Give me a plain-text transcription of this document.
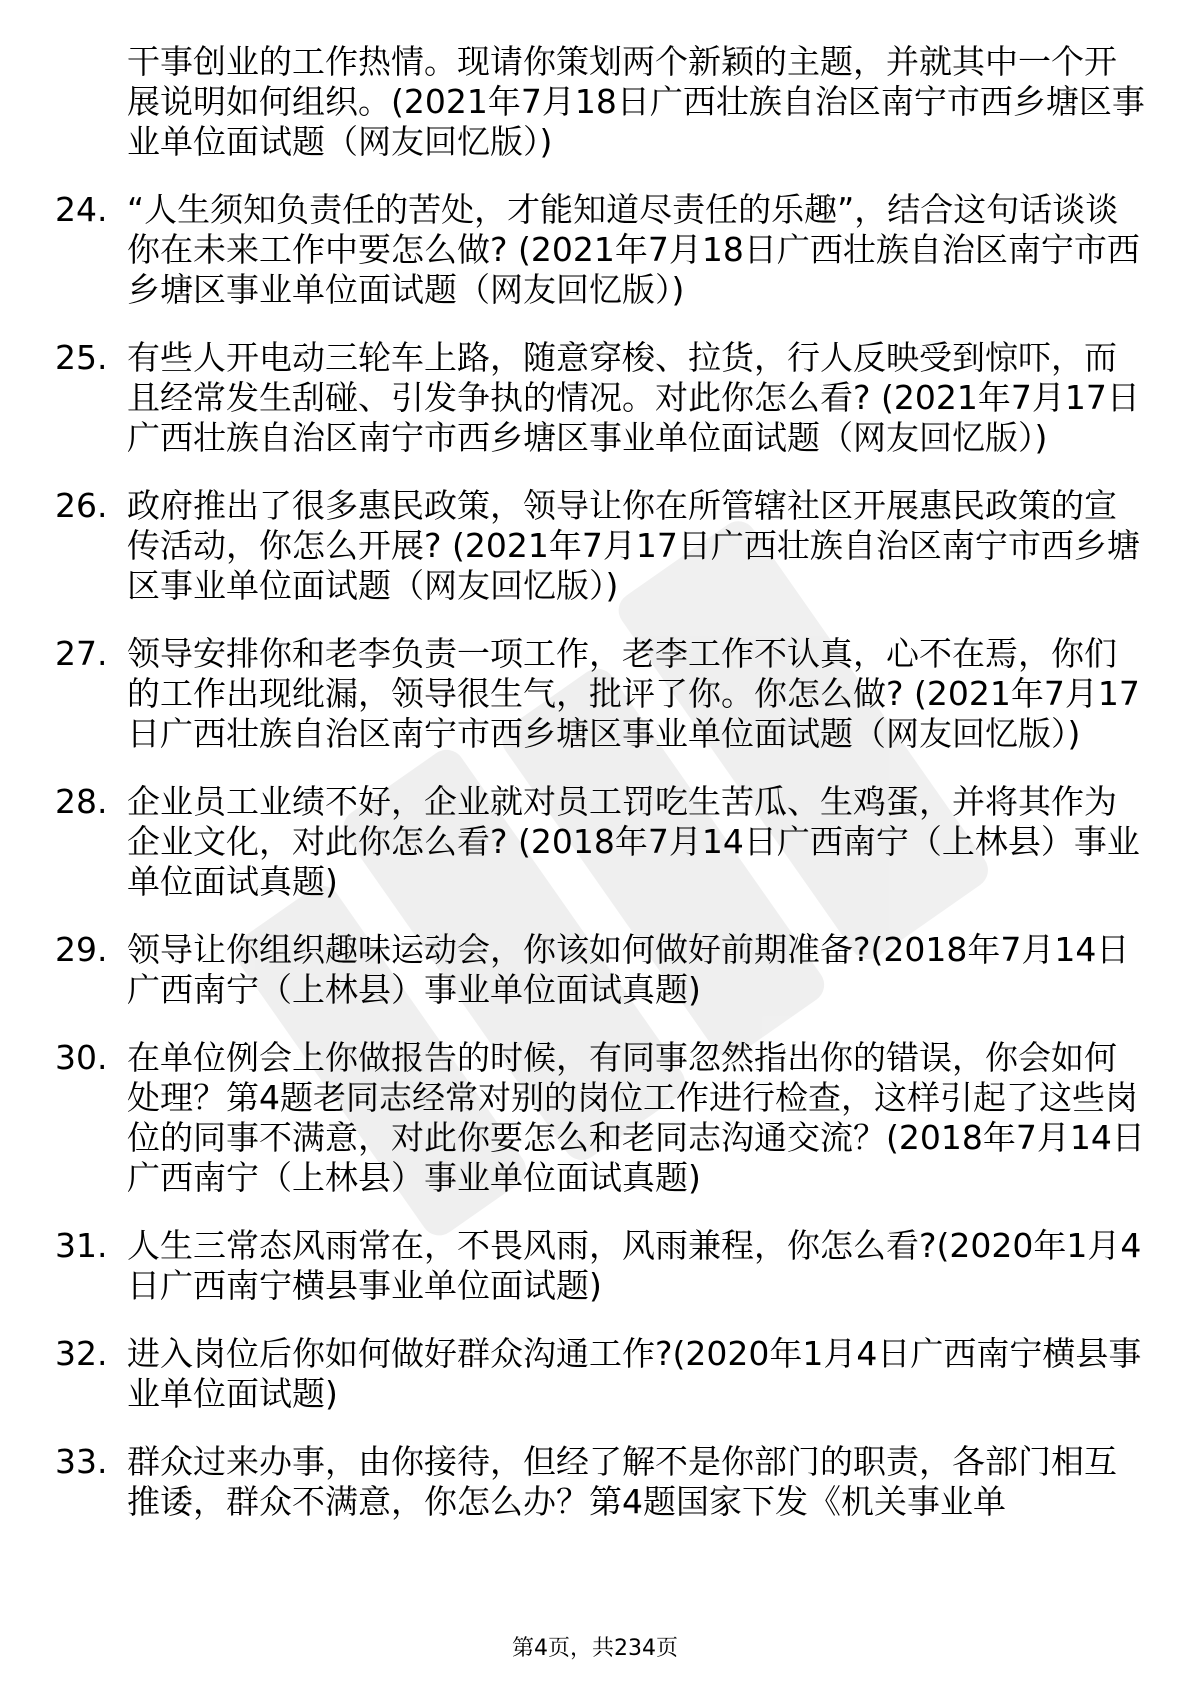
干事创业的工作热情。现请你策划两个新颖的主题，并就其中一个开展说明如何组织。(2021年7月18日广西壮族自治区南宁市西乡塘区事业单位面试题（网友回忆版）)
24. “人生须知负责任的苦处，才能知道尽责任的乐趣”，结合这句话谈谈你在未来工作中要怎么做? (2021年7月18日广西壮族自治区南宁市西乡塘区事业单位面试题（网友回忆版）)
25. 有些人开电动三轮车上路，随意穿梭、拉货，行人反映受到惊吓，而且经常发生刮碰、引发争执的情况。对此你怎么看? (2021年7月17日广西壮族自治区南宁市西乡塘区事业单位面试题（网友回忆版）)
26. 政府推出了很多惠民政策，领导让你在所管辖社区开展惠民政策的宣传活动，你怎么开展? (2021年7月17日广西壮族自治区南宁市西乡塘区事业单位面试题（网友回忆版）)
27. 领导安排你和老李负责一项工作，老李工作不认真，心不在焉，你们的工作出现纰漏，领导很生气，批评了你。你怎么做? (2021年7月17日广西壮族自治区南宁市西乡塘区事业单位面试题（网友回忆版）)
28. 企业员工业绩不好，企业就对员工罚吃生苦瓜、生鸡蛋，并将其作为企业文化，对此你怎么看? (2018年7月14日广西南宁（上林县）事业单位面试真题)
29. 领导让你组织趣味运动会，你该如何做好前期准备?(2018年7月14日广西南宁（上林县）事业单位面试真题)
30. 在单位例会上你做报告的时候，有同事忽然指出你的错误，你会如何处理？第4题老同志经常对别的岗位工作进行检查，这样引起了这些岗位的同事不满意，对此你要怎么和老同志沟通交流？(2018年7月14日广西南宁（上林县）事业单位面试真题)
31. 人生三常态风雨常在，不畏风雨，风雨兼程，你怎么看?(2020年1月4日广西南宁横县事业单位面试题)
32. 进入岗位后你如何做好群众沟通工作?(2020年1月4日广西南宁横县事业单位面试题)
33. 群众过来办事，由你接待，但经了解不是你部门的职责，各部门相互推诿，群众不满意，你怎么办？第4题国家下发《机关事业单
第4页，共234页
